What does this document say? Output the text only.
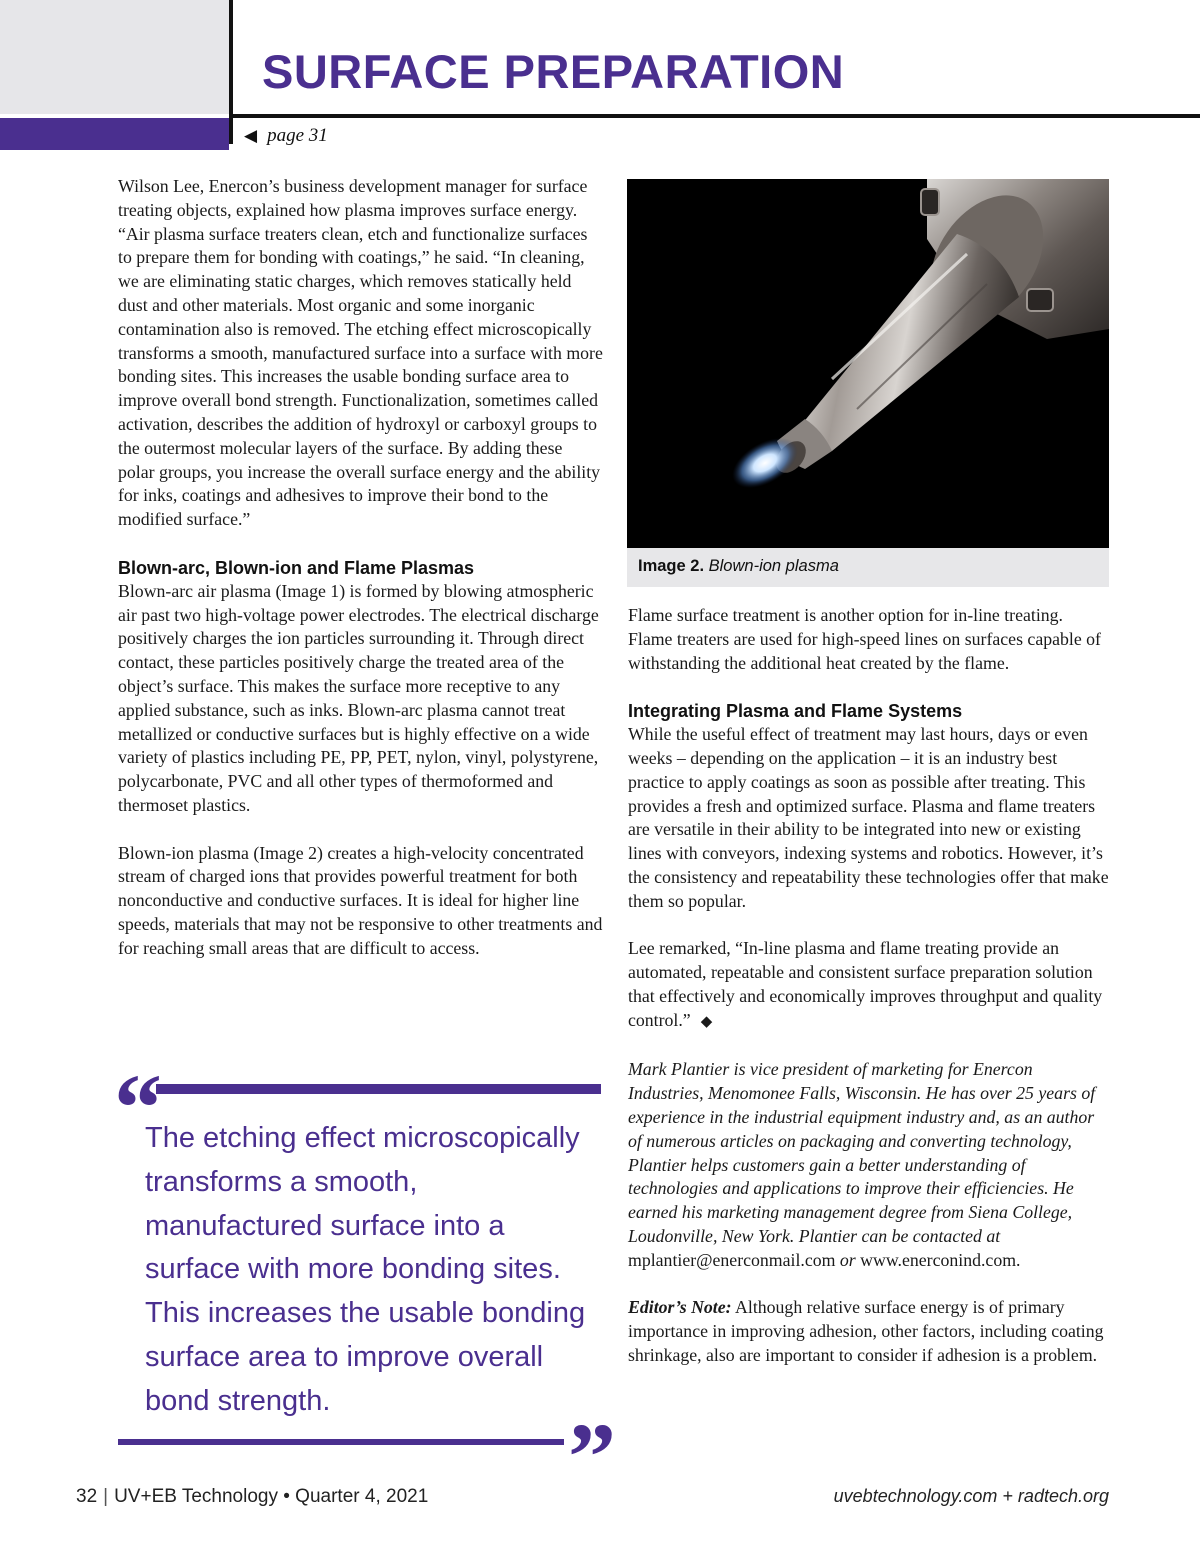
SURFACE PREPARATION
◀ page 31

Wilson Lee, Enercon’s business development manager for surface treating objects, explained how plasma improves surface energy. “Air plasma surface treaters clean, etch and functionalize surfaces to prepare them for bonding with coatings,” he said. “In cleaning, we are eliminating static charges, which removes statically held dust and other materials. Most organic and some inorganic contamination also is removed. The etching effect microscopically transforms a smooth, manufactured surface into a surface with more bonding sites. This increases the usable bonding surface area to improve overall bond strength. Functionalization, sometimes called activation, describes the addition of hydroxyl or carboxyl groups to the outermost molecular layers of the surface. By adding these polar groups, you increase the overall surface energy and the ability for inks, coatings and adhesives to improve their bond to the modified surface.”

Blown-arc, Blown-ion and Flame Plasmas

Blown-arc air plasma (Image 1) is formed by blowing atmospheric air past two high-voltage power electrodes. The electrical discharge positively charges the ion particles surrounding it. Through direct contact, these particles positively charge the treated area of the object’s surface. This makes the surface more receptive to any applied substance, such as inks. Blown-arc plasma cannot treat metallized or conductive surfaces but is highly effective on a wide variety of plastics including PE, PP, PET, nylon, vinyl, polystyrene, polycarbonate, PVC and all other types of thermoformed and thermoset plastics.

Blown-ion plasma (Image 2) creates a high-velocity concentrated stream of charged ions that provides powerful treatment for both nonconductive and conductive surfaces. It is ideal for higher line speeds, materials that may not be responsive to other treatments and for reaching small areas that are difficult to access.

“

The etching effect microscopically transforms a smooth, manufactured surface into a surface with more bonding sites. This increases the usable bonding surface area to improve overall bond strength.

”
Image 2. Blown-ion plasma

Flame surface treatment is another option for in-line treating. Flame treaters are used for high-speed lines on surfaces capable of withstanding the additional heat created by the flame.

Integrating Plasma and Flame Systems

While the useful effect of treatment may last hours, days or even weeks – depending on the application – it is an industry best practice to apply coatings as soon as possible after treating. This provides a fresh and optimized surface. Plasma and flame treaters are versatile in their ability to be integrated into new or existing lines with conveyors, indexing systems and robotics. However, it’s the consistency and repeatability these technologies offer that make them so popular.

Lee remarked, “In-line plasma and flame treating provide an automated, repeatable and consistent surface preparation solution that effectively and economically improves throughput and quality control.” ◆

Mark Plantier is vice president of marketing for Enercon Industries, Menomonee Falls, Wisconsin. He has over 25 years of experience in the industrial equipment industry and, as an author of numerous articles on packaging and converting technology, Plantier helps customers gain a better understanding of technologies and applications to improve their efficiencies. He earned his marketing management degree from Siena College, Loudonville, New York. Plantier can be contacted at mplantier@enerconmail.com or www.enerconind.com.

Editor’s Note: Although relative surface energy is of primary importance in improving adhesion, other factors, including coating shrinkage, also are important to consider if adhesion is a problem.

32 | UV+EB Technology • Quarter 4, 2021	uvebtechnology.com + radtech.org
